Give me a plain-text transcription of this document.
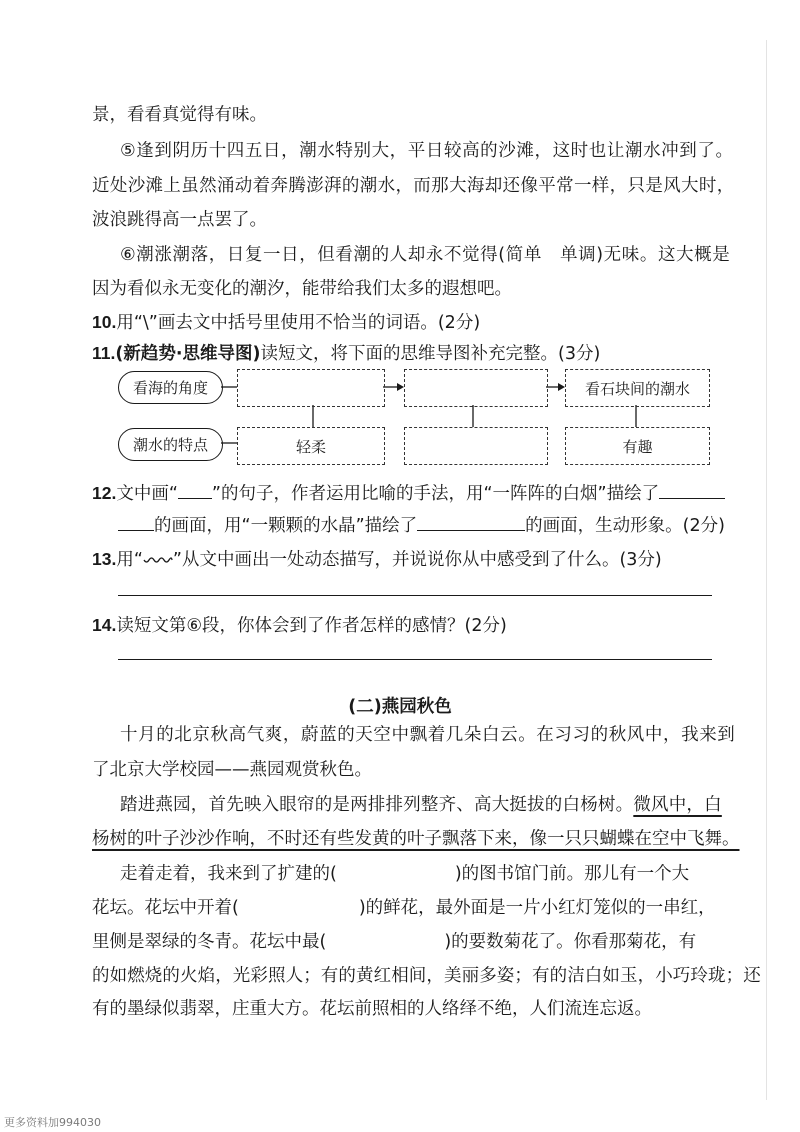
景，看看真觉得有味。
⑤逢到阴历十四五日，潮水特别大，平日较高的沙滩，这时也让潮水冲到了。
近处沙滩上虽然涌动着奔腾澎湃的潮水，而那大海却还像平常一样，只是风大时，
波浪跳得高一点罢了。
⑥潮涨潮落，日复一日，但看潮的人却永不觉得(简单　单调)无味。这大概是
因为看似永无变化的潮汐，能带给我们太多的遐想吧。
10.用“\”画去文中括号里使用不恰当的词语。(2分)
11.(新趋势·思维导图)读短文，将下面的思维导图补充完整。(3分)
看海的角度	看石块间的潮水
潮水的特点	轻柔	有趣
12.文中画“ ”的句子，作者运用比喻的手法，用“一阵阵的白烟”描绘了
的画面，用“一颗颗的水晶”描绘了	的画面，生动形象。(2分)
13.用“ ”从文中画出一处动态描写，并说说你从中感受到了什么。(3分)
14.读短文第⑥段，你体会到了作者怎样的感情？(2分)
(二)燕园秋色
十月的北京秋高气爽，蔚蓝的天空中飘着几朵白云。在习习的秋风中，我来到
了北京大学校园——燕园观赏秋色。
踏进燕园，首先映入眼帘的是两排排列整齐、高大挺拔的白杨树。微风中，白
杨树的叶子沙沙作响，不时还有些发黄的叶子飘落下来，像一只只蝴蝶在空中飞舞。
走着走着，我来到了扩建的(	)的图书馆门前。那儿有一个大
花坛。花坛中开着(	)的鲜花，最外面是一片小红灯笼似的一串红，
里侧是翠绿的冬青。花坛中最(	)的要数菊花了。你看那菊花，有
的如燃烧的火焰，光彩照人；有的黄红相间，美丽多姿；有的洁白如玉，小巧玲珑；还
有的墨绿似翡翠，庄重大方。花坛前照相的人络绎不绝，人们流连忘返。
更多资料加994030
